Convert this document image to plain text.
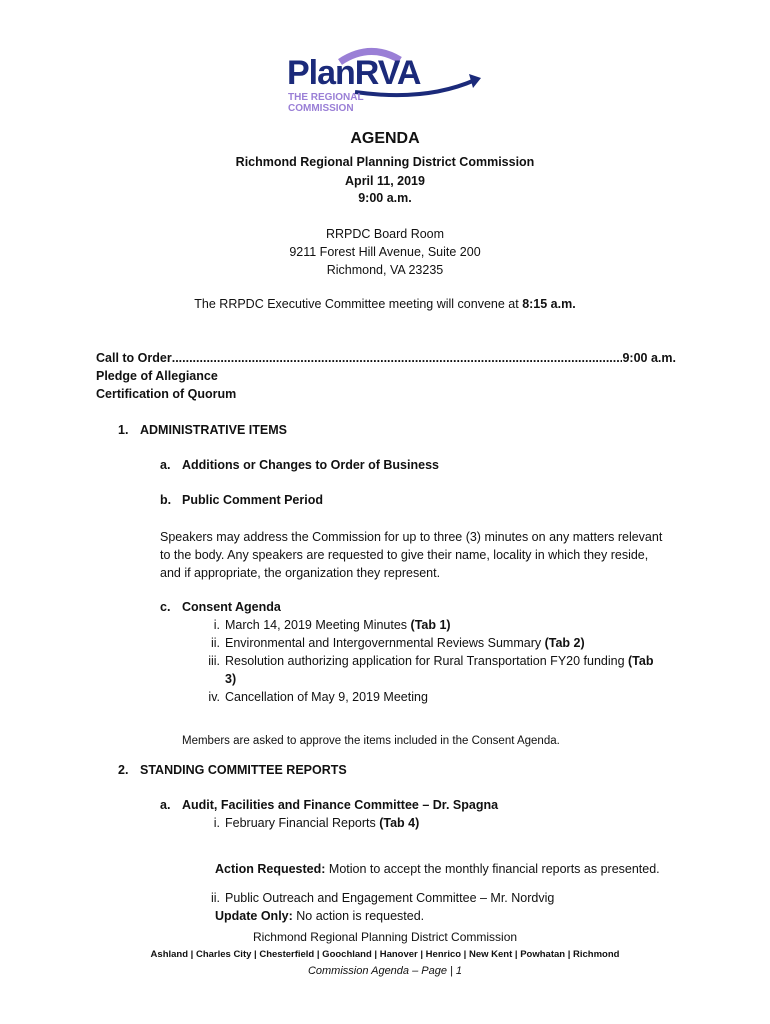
PlanRVA
THE REGIONAL
COMMISSION
AGENDA
Richmond Regional Planning District Commission
April 11, 2019
9:00 a.m.
RRPDC Board Room
9211 Forest Hill Avenue, Suite 200
Richmond, VA 23235
The RRPDC Executive Committee meeting will convene at 8:15 a.m.
Call to Order .....	9:00 a.m.
Pledge of Allegiance
Certification of Quorum
1. ADMINISTRATIVE ITEMS
a. Additions or Changes to Order of Business
b. Public Comment Period
Speakers may address the Commission for up to three (3) minutes on any matters relevant
to the body. Any speakers are requested to give their name, locality in which they reside,
and if appropriate, the organization they represent.
c. Consent Agenda
i. March 14, 2019 Meeting Minutes (Tab 1)
ii. Environmental and Intergovernmental Reviews Summary (Tab 2)
iii. Resolution authorizing application for Rural Transportation FY20 funding (Tab
3)
iv. Cancellation of May 9, 2019 Meeting
Members are asked to approve the items included in the Consent Agenda.
2. STANDING COMMITTEE REPORTS
a. Audit, Facilities and Finance Committee – Dr. Spagna
i. February Financial Reports (Tab 4)
Action Requested: Motion to accept the monthly financial reports as presented.
ii. Public Outreach and Engagement Committee – Mr. Nordvig
Update Only: No action is requested.
Richmond Regional Planning District Commission
Ashland | Charles City | Chesterfield | Goochland | Hanover | Henrico | New Kent | Powhatan | Richmond
Commission Agenda – Page | 1
